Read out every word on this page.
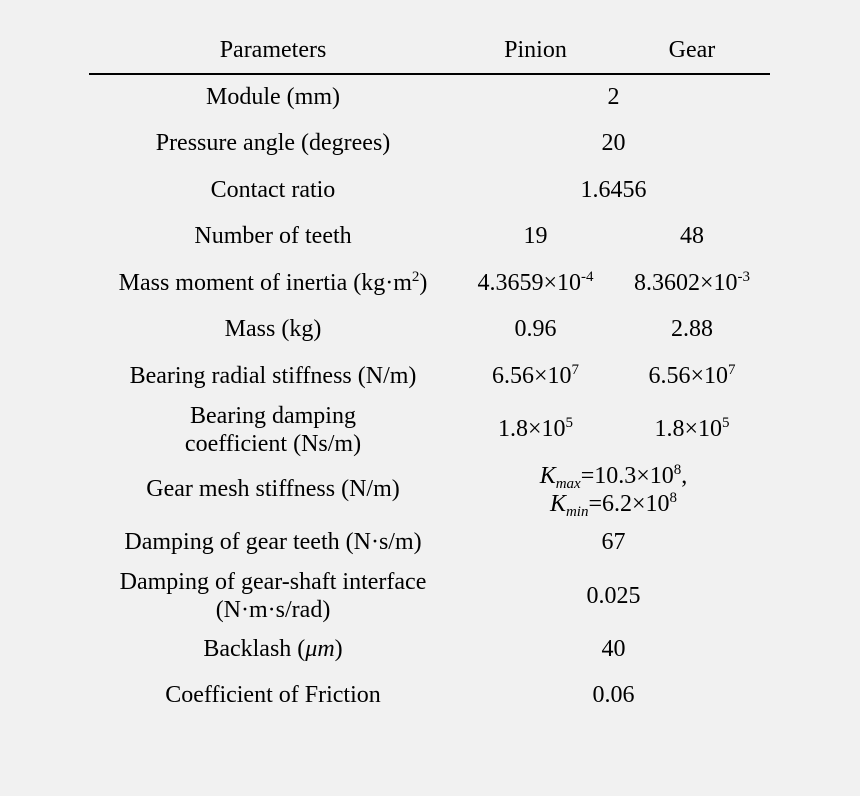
Parameters	Pinion	Gear
Module (mm)	2	
Pressure angle (degrees)	20	
Contact ratio	1.6456	
Number of teeth	19	48
Mass moment of inertia $(kg\cdot m^2)$	$4.3659\times 10^{-4}$	$8.3602\times 10^{-3}$
Mass (kg)	0.96	2.88
Bearing radial stiffness (N/m)	$6.56\times 10^7$	$6.56\times 10^7$

Bearing damping
coefficient (Ns/m)	$1.8\times 10^5$	$1.8\times 10^5$
Gear mesh stiffness (N/m)	$K_{max}=10.3\times 10^8$,
$K_{min}=6.2\times 10^8$

Damping of gear teeth (N·s/m)	67	

Damping of gear-shaft interface
(N·m·s/rad)	0.025	
Backlash (μm)	40	
Coefficient of Friction	0.06	
